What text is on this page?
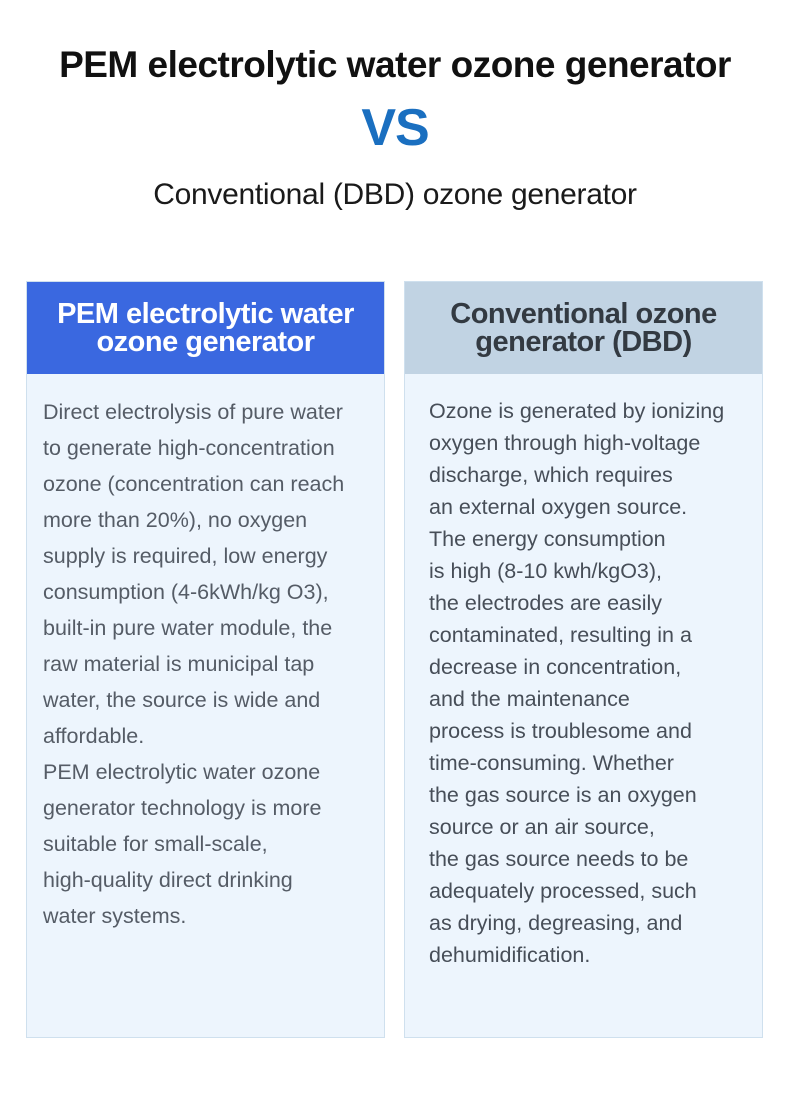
PEM electrolytic water ozone generator
VS
Conventional (DBD) ozone generator
PEM electrolytic water
ozone generator
Direct electrolysis of pure water
to generate high-concentration
ozone (concentration can reach
more than 20%), no oxygen
supply is required, low energy
consumption (4-6kWh/kg O3),
built-in pure water module, the
raw material is municipal tap
water, the source is wide and
affordable.
PEM electrolytic water ozone
generator technology is more
suitable for small-scale,
high-quality direct drinking
water systems.
Conventional ozone
generator (DBD)
Ozone is generated by ionizing
oxygen through high-voltage
discharge, which requires
an external oxygen source.
The energy consumption
is high (8-10 kwh/kgO3),
the electrodes are easily
contaminated, resulting in a
decrease in concentration,
and the maintenance
process is troublesome and
time-consuming. Whether
the gas source is an oxygen
source or an air source,
the gas source needs to be
adequately processed, such
as drying, degreasing, and
dehumidification.
